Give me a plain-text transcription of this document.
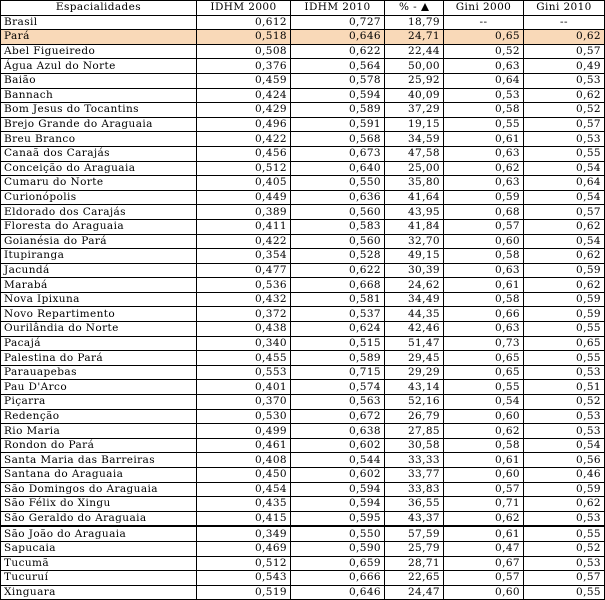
Espacialidades	IDHM 2000	IDHM 2010	% -	Gini 2000	Gini 2010
Brasil	0,612	0,727	18,79	--	--
Pará	0,518	0,646	24,71	0,65	0,62
Abel Figueiredo	0,508	0,622	22,44	0,52	0,57
Água Azul do Norte	0,376	0,564	50,00	0,63	0,49
Baião	0,459	0,578	25,92	0,64	0,53
Bannach	0,424	0,594	40,09	0,53	0,62
Bom Jesus do Tocantins	0,429	0,589	37,29	0,58	0,52
Brejo Grande do Araguaia	0,496	0,591	19,15	0,55	0,57
Breu Branco	0,422	0,568	34,59	0,61	0,53
Canaã dos Carajás	0,456	0,673	47,58	0,63	0,55
Conceição do Araguaia	0,512	0,640	25,00	0,62	0,54
Cumaru do Norte	0,405	0,550	35,80	0,63	0,64
Curionópolis	0,449	0,636	41,64	0,59	0,54
Eldorado dos Carajás	0,389	0,560	43,95	0,68	0,57
Floresta do Araguaia	0,411	0,583	41,84	0,57	0,62
Goianésia do Pará	0,422	0,560	32,70	0,60	0,54
Itupiranga	0,354	0,528	49,15	0,58	0,62
Jacundá	0,477	0,622	30,39	0,63	0,59
Marabá	0,536	0,668	24,62	0,61	0,62
Nova Ipixuna	0,432	0,581	34,49	0,58	0,59
Novo Repartimento	0,372	0,537	44,35	0,66	0,59
Ourilândia do Norte	0,438	0,624	42,46	0,63	0,55
Pacajá	0,340	0,515	51,47	0,73	0,65
Palestina do Pará	0,455	0,589	29,45	0,65	0,55
Parauapebas	0,553	0,715	29,29	0,65	0,53
Pau D'Arco	0,401	0,574	43,14	0,55	0,51
Piçarra	0,370	0,563	52,16	0,54	0,52
Redenção	0,530	0,672	26,79	0,60	0,53
Rio Maria	0,499	0,638	27,85	0,62	0,53
Rondon do Pará	0,461	0,602	30,58	0,58	0,54
Santa Maria das Barreiras	0,408	0,544	33,33	0,61	0,56
Santana do Araguaia	0,450	0,602	33,77	0,60	0,46
São Domingos do Araguaia	0,454	0,594	33,83	0,57	0,59
São Félix do Xingu	0,435	0,594	36,55	0,71	0,62
São Geraldo do Araguaia	0,415	0,595	43,37	0,62	0,53
São João do Araguaia	0,349	0,550	57,59	0,61	0,55
Sapucaia	0,469	0,590	25,79	0,47	0,52
Tucumã	0,512	0,659	28,71	0,67	0,53
Tucuruí	0,543	0,666	22,65	0,57	0,57
Xinguara	0,519	0,646	24,47	0,60	0,55
